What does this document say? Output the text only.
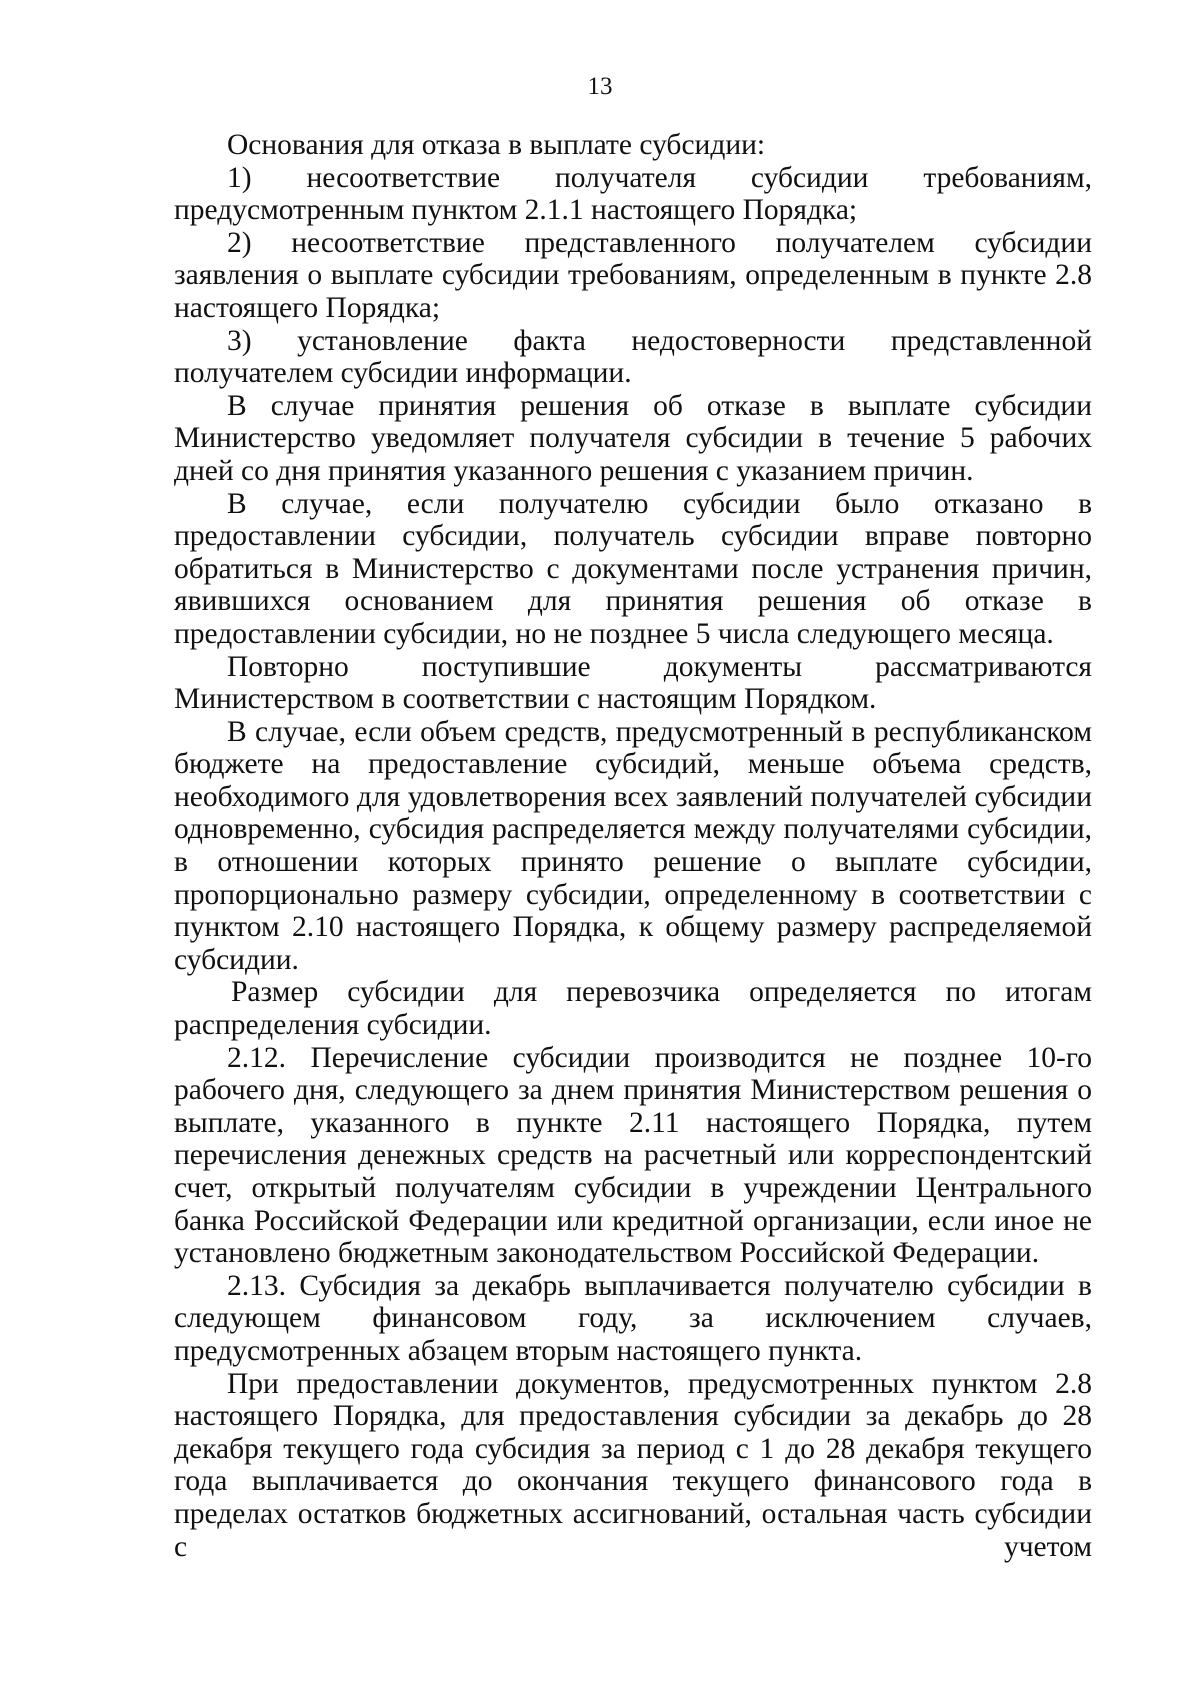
13

Основания для отказа в выплате субсидии:

1) несоответствие получателя субсидии требованиям, предусмотренным пунктом 2.1.1 настоящего Порядка;

2) несоответствие представленного получателем субсидии заявления о выплате субсидии требованиям, определенным в пункте 2.8 настоящего Порядка;

3) установление факта недостоверности представленной получателем субсидии информации.

В случае принятия решения об отказе в выплате субсидии Министерство уведомляет получателя субсидии в течение 5 рабочих дней со дня принятия указанного решения с указанием причин.

В случае, если получателю субсидии было отказано в предоставлении субсидии, получатель субсидии вправе повторно обратиться в Министерство с документами после устранения причин, явившихся основанием для принятия решения об отказе в предоставлении субсидии, но не позднее 5 числа следующего месяца.

Повторно поступившие документы рассматриваются Министерством в соответствии с настоящим Порядком.

В случае, если объем средств, предусмотренный в республиканском бюджете на предоставление субсидий, меньше объема средств, необходимого для удовлетворения всех заявлений получателей субсидии одновременно, субсидия распределяется между получателями субсидии, в отношении которых принято решение о выплате субсидии, пропорционально размеру субсидии, определенному в соответствии с пунктом 2.10 настоящего Порядка, к общему размеру распределяемой субсидии.

Размер субсидии для перевозчика определяется по итогам распределения субсидии.

2.12. Перечисление субсидии производится не позднее 10-го рабочего дня, следующего за днем принятия Министерством решения о выплате, указанного в пункте 2.11 настоящего Порядка, путем перечисления денежных средств на расчетный или корреспондентский счет, открытый получателям субсидии в учреждении Центрального банка Российской Федерации или кредитной организации, если иное не установлено бюджетным законодательством Российской Федерации.

2.13. Субсидия за декабрь выплачивается получателю субсидии в следующем финансовом году, за исключением случаев, предусмотренных абзацем вторым настоящего пункта.

При предоставлении документов, предусмотренных пунктом 2.8 настоящего Порядка, для предоставления субсидии за декабрь до 28 декабря текущего года субсидия за период с 1 до 28 декабря текущего года выплачивается до окончания текущего финансового года в пределах остатков бюджетных ассигнований, остальная часть субсидии с учетом
